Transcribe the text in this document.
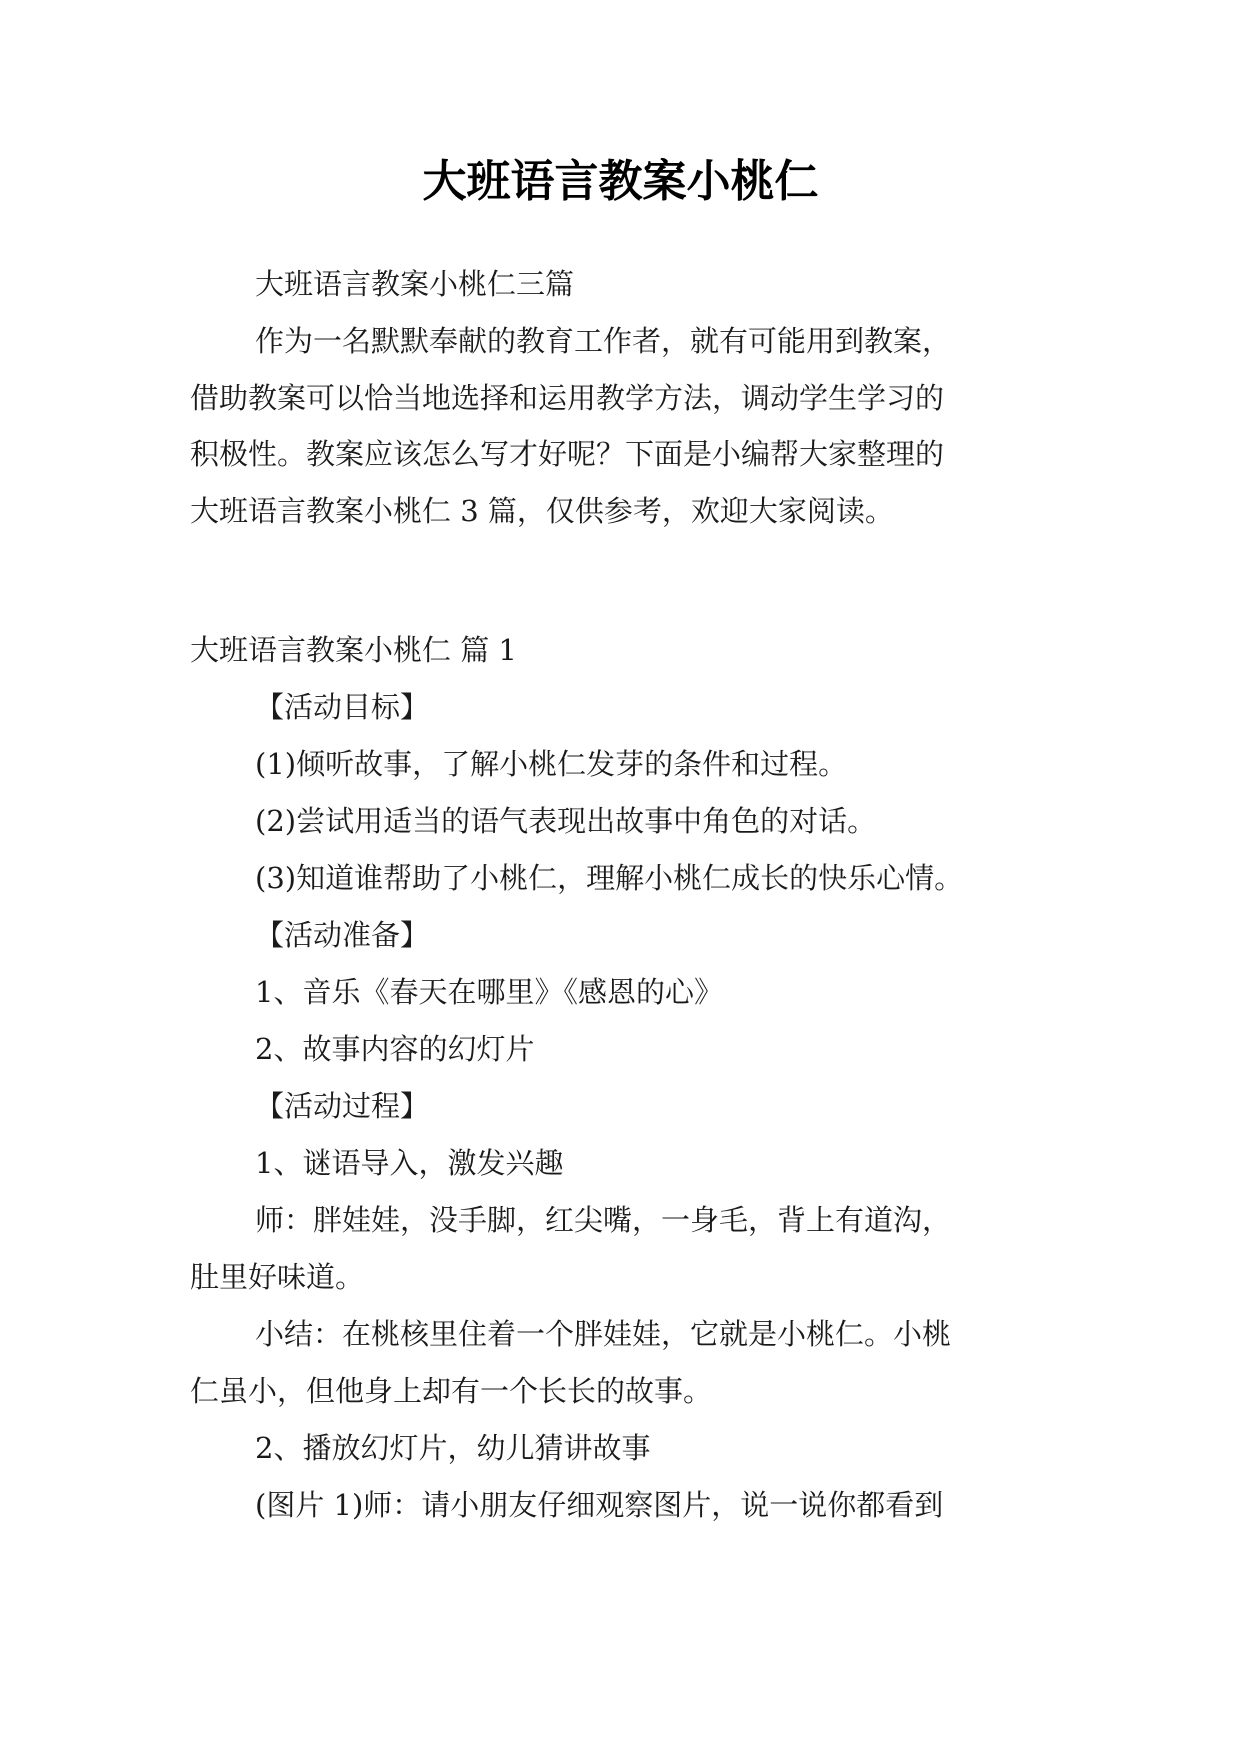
大班语言教案小桃仁
大班语言教案小桃仁三篇
作为一名默默奉献的教育工作者，就有可能用到教案，
借助教案可以恰当地选择和运用教学方法，调动学生学习的
积极性。教案应该怎么写才好呢？下面是小编帮大家整理的
大班语言教案小桃仁 3 篇，仅供参考，欢迎大家阅读。
大班语言教案小桃仁 篇 1
【活动目标】
(1)倾听故事，了解小桃仁发芽的条件和过程。
(2)尝试用适当的语气表现出故事中角色的对话。
(3)知道谁帮助了小桃仁，理解小桃仁成长的快乐心情。
【活动准备】
1、音乐《春天在哪里》《感恩的心》
2、故事内容的幻灯片
【活动过程】
1、谜语导入，激发兴趣
师：胖娃娃，没手脚，红尖嘴，一身毛，背上有道沟，
肚里好味道。
小结：在桃核里住着一个胖娃娃，它就是小桃仁。小桃
仁虽小，但他身上却有一个长长的故事。
2、播放幻灯片，幼儿猜讲故事
(图片 1)师：请小朋友仔细观察图片，说一说你都看到
